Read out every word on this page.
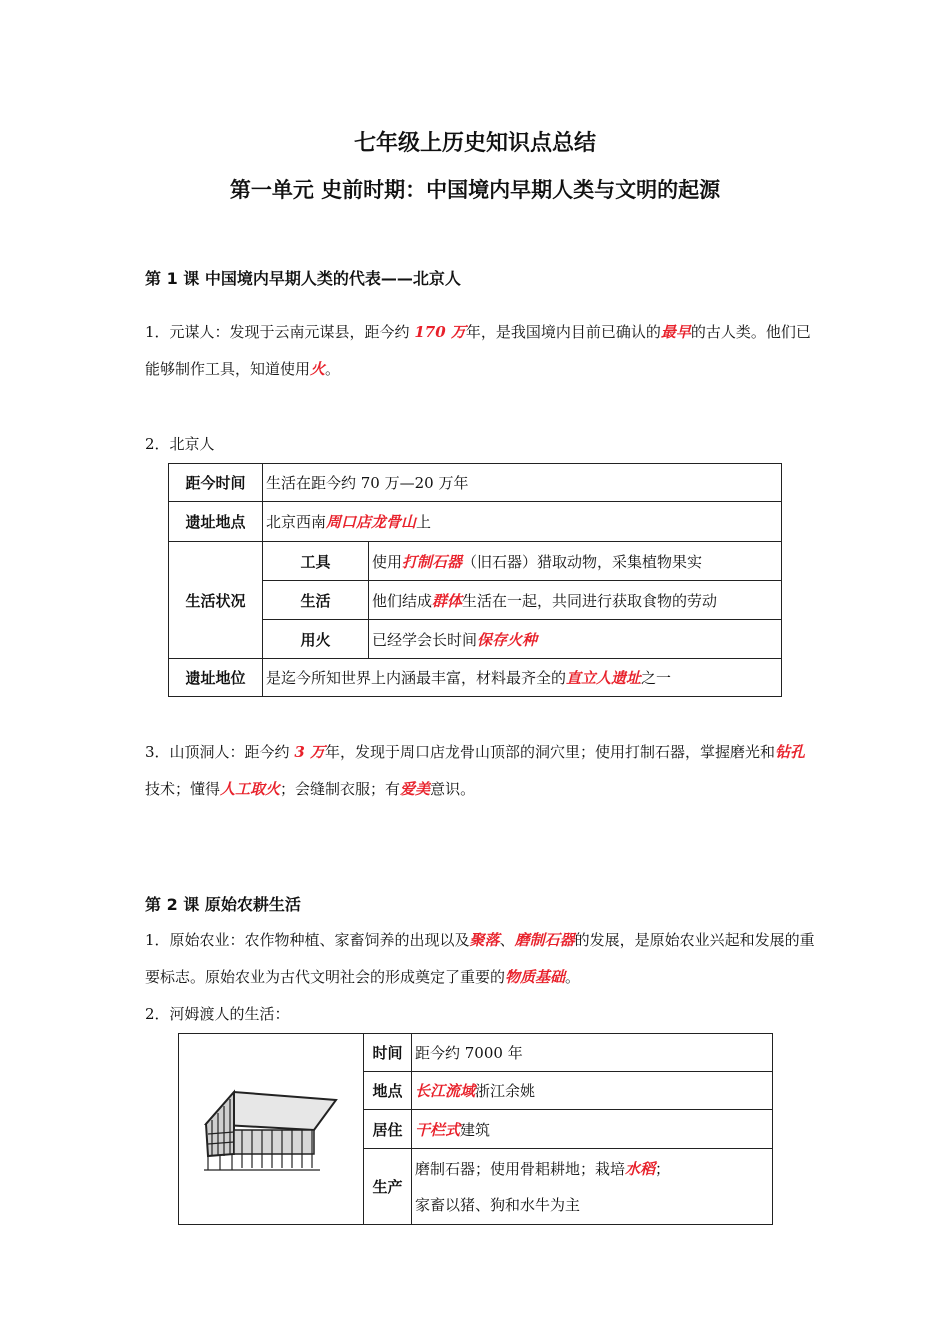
七年级上历史知识点总结
第一单元 史前时期：中国境内早期人类与文明的起源
第 1 课 中国境内早期人类的代表——北京人
1．元谋人：发现于云南元谋县，距今约 170 万年，是我国境内目前已确认的最早的古人类。他们已能够制作工具，知道使用火。
2．北京人
距今时间	生活在距今约 70 万—20 万年	
遗址地点	北京西南周口店龙骨山上	
生活状况	工具	使用打制石器（旧石器）猎取动物，采集植物果实
	生活	他们结成群体生活在一起，共同进行获取食物的劳动
	用火	已经学会长时间保存火种
遗址地位	是迄今所知世界上内涵最丰富，材料最齐全的直立人遗址之一	
3．山顶洞人：距今约 3 万年，发现于周口店龙骨山顶部的洞穴里；使用打制石器，掌握磨光和钻孔技术；懂得人工取火；会缝制衣服；有爱美意识。
第 2 课 原始农耕生活
1．原始农业：农作物种植、家畜饲养的出现以及聚落、磨制石器的发展，是原始农业兴起和发展的重要标志。原始农业为古代文明社会的形成奠定了重要的物质基础。
2．河姆渡人的生活：
	时间	距今约 7000 年
	地点	长江流域浙江余姚
	居住	干栏式建筑
	生产	磨制石器；使用骨耜耕地；栽培水稻；
家畜以猪、狗和水牛为主
